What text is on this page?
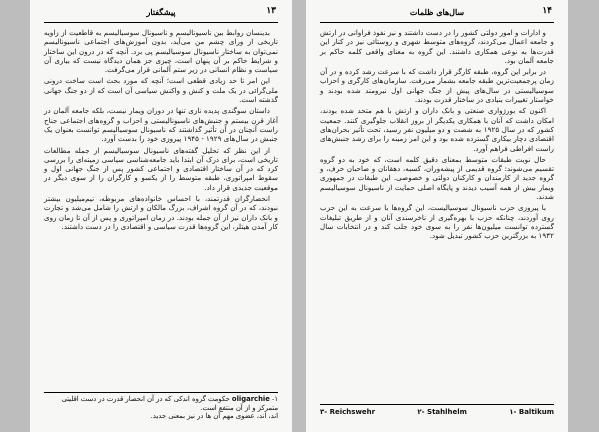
۱۳
پیشگفتار

بدینسان روابط بین ناسیونالیسم و ناسیونال سوسیالیسم به قاطعیت از زاویه تاریخی از ورای چشم من می‌آید، بدون آموزش‌های اجتماعی ناسیونالیسم نمی‌توان به ساختار ناسیونال سوسیالیسم پی برد. آنچه که در درون این ساختار و شرایط حاکم بر آن پنهان است، چیزی جز همان دیدگاه نیست که بیاری آن سیاست و نظام انسانی در زیر ستم آلمانی قرار می‌گرفت.

این امر تا حد زیادی قطعی است؛ آنچه که مورد بحث است ساخت درونی ملی‌گرائی در یک ملت و کنش و واکنش سیاسی آن است که از دو جنگ جهانی گذشته است.

داستان سوگندی پدیده نازی تنها در دوران ویمار نیست، بلکه جامعه آلمان در آغاز قرن بیستم و جنبش‌های ناسیونالیستی و احزاب و گروه‌های اجتماعی جناح راست آنچنان در آن تأثیر گذاشتند که ناسیونال سوسیالیسم توانست بعنوان یک جنبش در سال‌های ۱۹۲۹ - ۱۹۴۵ پیروزی خود را بدست آورد.

از این نظر که تحلیل گفته‌های ناسیونال سوسیالیسم از جمله مطالعات تاریخی است، برای درک آن ابتدا باید جامعه‌شناسی سیاسی زمینه‌ای را بررسی کرد که در آن ساختار اقتصادی و اجتماعی کشور پس از جنگ جهانی اول و سقوط امپراتوری، طبقه متوسط را از یکسو و کارگران را از سوی دیگر در موقعیت جدیدی قرار داد.

انحصارگران قدرتمند، با احساس خانواده‌های مربوطه، نیم‌میلیون بیشتر نبودند، که در آن گروه اشراف، بزرگ مالکان و ارتش را شامل می‌شد و تجارت و بانک داران نیز از آن جمله بودند. در زمان امپراتوری و پس از آن تا زمان روی کار آمدن هیتلر، این گروه‌ها قدرت سیاسی و اقتصادی را در دست داشتند.

۱- oligarchie حکومت گروه اندکی که در آن انحصار قدرت در دست اقلیتی متمرکز و از آن منتفع است.
اند، اند، عضوی مهم آن ها در نیز بمعنی جدید.
۱۴
سال‌های ظلمات

و ادارات و امور دولتی کشور را در دست داشتند و نیز نفوذ فراوانی در ارتش و جامعه اعمال می‌کردند، گروه‌های متوسط شهری و روستائی نیز در کنار این قدرت‌ها به نوعی همکاری داشتند. این گروه به معنای واقعی کلمه حاکم بر جامعه آلمان بود.

در برابر این گروه، طبقه کارگر قرار داشت که با سرعت رشد کرده و در آن زمان پرجمعیت‌ترین طبقه جامعه بشمار می‌رفت. سازمان‌های کارگری و احزاب سوسیالیستی در سال‌های پیش از جنگ جهانی اول نیرومند شده بودند و خواستار تغییرات بنیادی در ساختار قدرت بودند.

اکنون که بورژوازی صنعتی و بانک داران و ارتش با هم متحد شده بودند، امکان داشت که آنان با همکاری یکدیگر از بروز انقلاب جلوگیری کنند. جمعیت کشور که در سال ۱۹۲۵ به شصت و دو میلیون نفر رسید، تحت تأثیر بحران‌های اقتصادی دچار بیکاری گسترده شده بود و این امر زمینه را برای رشد جنبش‌های راست افراطی فراهم آورد.

حال نوبت طبقات متوسط بمعنای دقیق کلمه است، که خود به دو گروه تقسیم می‌شوند: گروه قدیمی از پیشه‌وران، کسبه، دهقانان و صاحبان حرف، و گروه جدید از کارمندان و کارکنان دولتی و خصوصی. این طبقات در جمهوری ویمار بیش از همه آسیب دیدند و پایگاه اصلی حمایت از ناسیونال سوسیالیسم شدند.

با پیروزی حزب ناسیونال سوسیالیست، این گروه‌ها با سرعت به این حزب روی آوردند، چنانکه حزب با بهره‌گیری از ناخرسندی آنان و از طریق تبلیغات گسترده توانست میلیون‌ها نفر را به سوی خود جلب کند و در انتخابات سال ۱۹۳۲ به بزرگترین حزب کشور تبدیل شود.

۳- Reichswehr	۲- Stahlhelm	۱- Baltikum
